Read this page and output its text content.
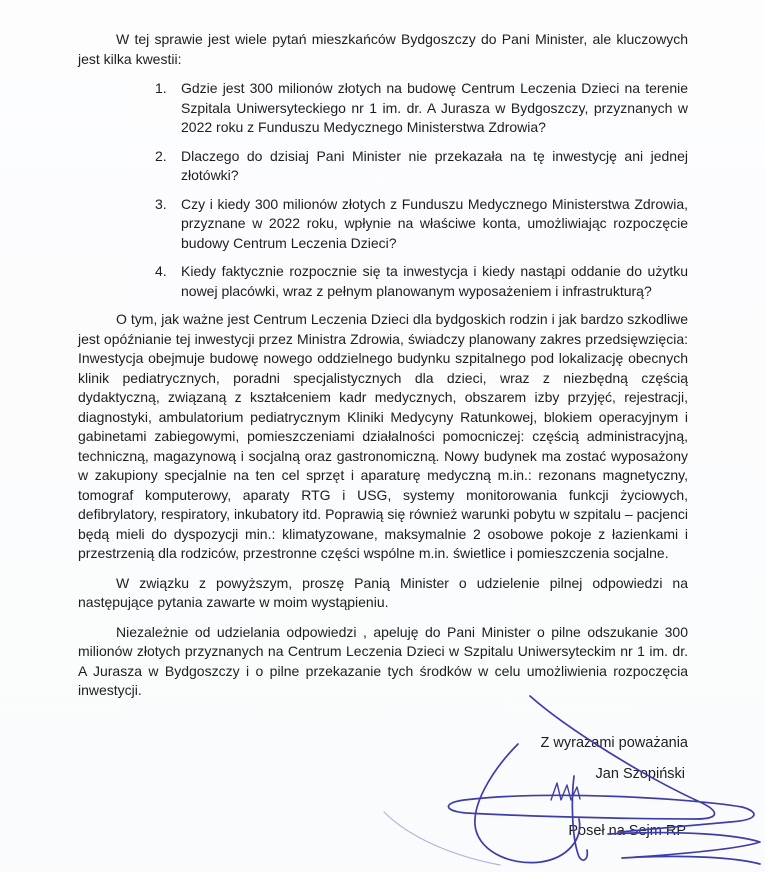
W tej sprawie jest wiele pytań mieszkańców Bydgoszczy do Pani Minister, ale kluczowych jest kilka kwestii:

1.	Gdzie jest 300 milionów złotych na budowę Centrum Leczenia Dzieci na terenie Szpitala Uniwersyteckiego nr 1 im. dr. A Jurasza w Bydgoszczy, przyznanych w 2022 roku z Funduszu Medycznego Ministerstwa Zdrowia?
2.	Dlaczego do dzisiaj Pani Minister nie przekazała na tę inwestycję ani jednej złotówki?
3.	Czy i kiedy 300 milionów złotych z Funduszu Medycznego Ministerstwa Zdrowia, przyznane w 2022 roku, wpłynie na właściwe konta, umożliwiając rozpoczęcie budowy Centrum Leczenia Dzieci?
4.	Kiedy faktycznie rozpocznie się ta inwestycja i kiedy nastąpi oddanie do użytku nowej placówki, wraz z pełnym planowanym wyposażeniem i infrastrukturą?

O tym, jak ważne jest Centrum Leczenia Dzieci dla bydgoskich rodzin i jak bardzo szkodliwe jest opóźnianie tej inwestycji przez Ministra Zdrowia, świadczy planowany zakres przedsięwzięcia: Inwestycja obejmuje budowę nowego oddzielnego budynku szpitalnego pod lokalizację obecnych klinik pediatrycznych, poradni specjalistycznych dla dzieci, wraz z niezbędną częścią dydaktyczną, związaną z kształceniem kadr medycznych, obszarem izby przyjęć, rejestracji, diagnostyki, ambulatorium pediatrycznym Kliniki Medycyny Ratunkowej, blokiem operacyjnym i gabinetami zabiegowymi, pomieszczeniami działalności pomocniczej: częścią administracyjną, techniczną, magazynową i socjalną oraz gastronomiczną. Nowy budynek ma zostać wyposażony w zakupiony specjalnie na ten cel sprzęt i aparaturę medyczną m.in.: rezonans magnetyczny, tomograf komputerowy, aparaty RTG i USG, systemy monitorowania funkcji życiowych, defibrylatory, respiratory, inkubatory itd. Poprawią się również warunki pobytu w szpitalu – pacjenci będą mieli do dyspozycji min.: klimatyzowane, maksymalnie 2 osobowe pokoje z łazienkami i przestrzenią dla rodziców, przestronne części wspólne m.in. świetlice i pomieszczenia socjalne.

W związku z powyższym, proszę Panią Minister o udzielenie pilnej odpowiedzi na następujące pytania zawarte w moim wystąpieniu.

Niezależnie od udzielania odpowiedzi , apeluję do Pani Minister o pilne odszukanie 300 milionów złotych przyznanych na Centrum Leczenia Dzieci w Szpitalu Uniwersyteckim nr 1 im. dr. A Jurasza w Bydgoszczy i o pilne przekazanie tych środków w celu umożliwienia rozpoczęcia inwestycji.

Z wyrazami poważania
Jan Szopiński
Poseł na Sejm RP
